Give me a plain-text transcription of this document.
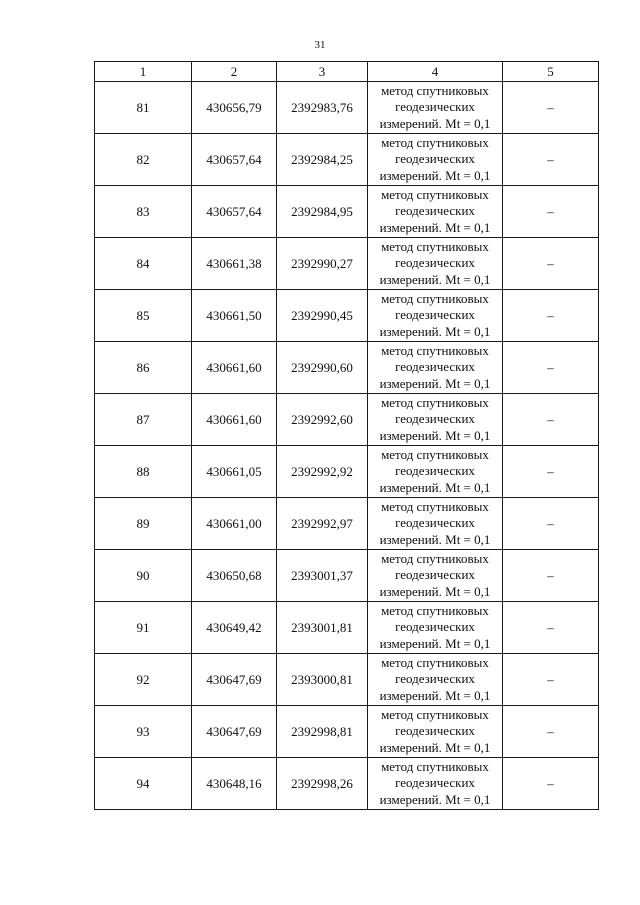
31
1	2	3	4	5
81	430656,79	2392983,76	метод спутниковых
геодезических
измерений. Mt = 0,1	–
82	430657,64	2392984,25	метод спутниковых
геодезических
измерений. Mt = 0,1	–
83	430657,64	2392984,95	метод спутниковых
геодезических
измерений. Mt = 0,1	–
84	430661,38	2392990,27	метод спутниковых
геодезических
измерений. Mt = 0,1	–
85	430661,50	2392990,45	метод спутниковых
геодезических
измерений. Mt = 0,1	–
86	430661,60	2392990,60	метод спутниковых
геодезических
измерений. Mt = 0,1	–
87	430661,60	2392992,60	метод спутниковых
геодезических
измерений. Mt = 0,1	–
88	430661,05	2392992,92	метод спутниковых
геодезических
измерений. Mt = 0,1	–
89	430661,00	2392992,97	метод спутниковых
геодезических
измерений. Mt = 0,1	–
90	430650,68	2393001,37	метод спутниковых
геодезических
измерений. Mt = 0,1	–
91	430649,42	2393001,81	метод спутниковых
геодезических
измерений. Mt = 0,1	–
92	430647,69	2393000,81	метод спутниковых
геодезических
измерений. Mt = 0,1	–
93	430647,69	2392998,81	метод спутниковых
геодезических
измерений. Mt = 0,1	–
94	430648,16	2392998,26	метод спутниковых
геодезических
измерений. Mt = 0,1	–
